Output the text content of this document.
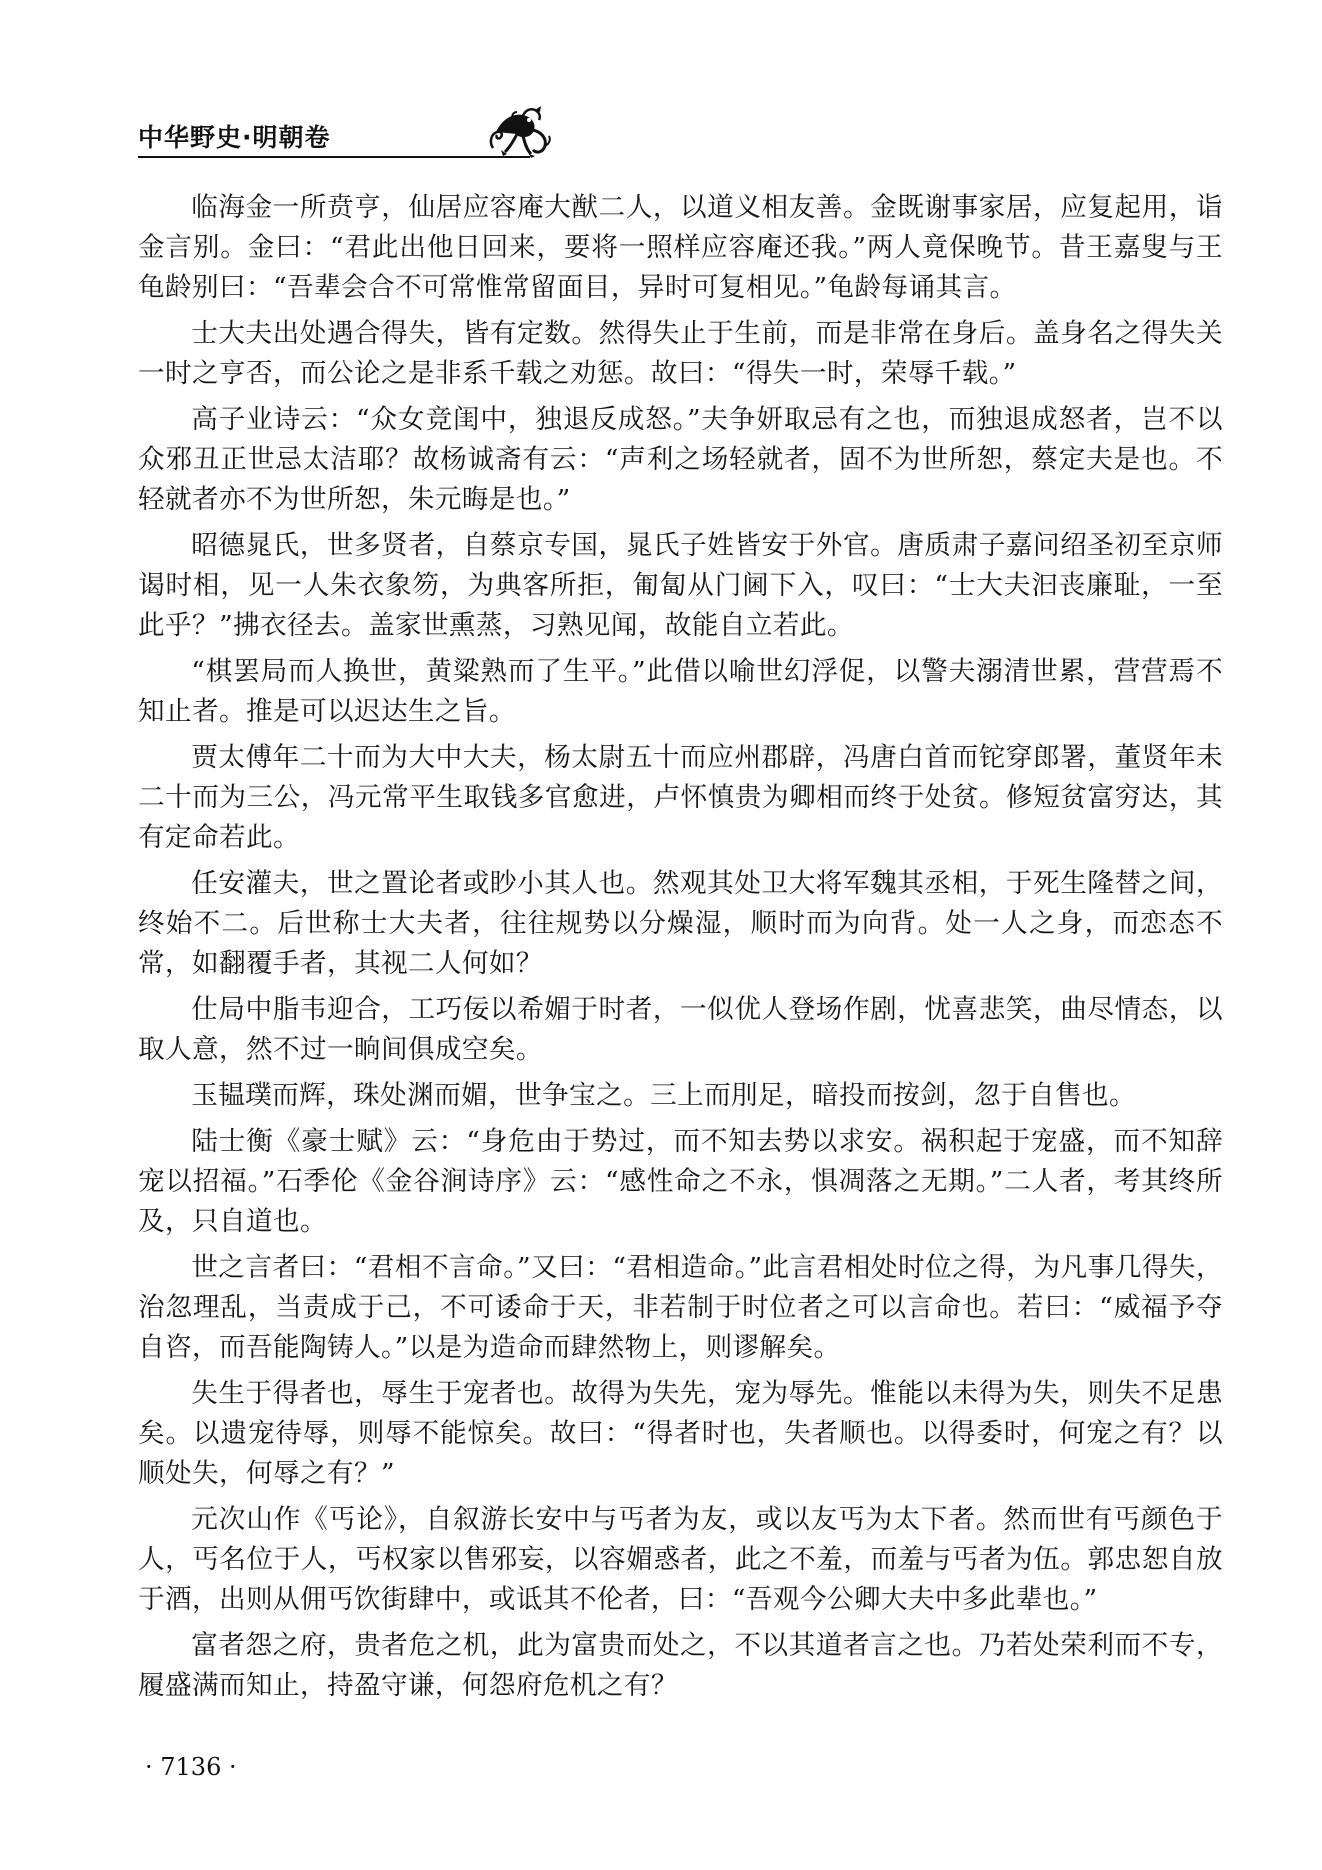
中华野史·明朝卷

临海金一所贲亨，仙居应容庵大猷二人，以道义相友善。金既谢事家居，应复起用，诣金言别。金曰：“君此出他日回来，要将一照样应容庵还我。”两人竟保晚节。昔王嘉叟与王龟龄别曰：“吾辈会合不可常惟常留面目，异时可复相见。”龟龄每诵其言。

士大夫出处遇合得失，皆有定数。然得失止于生前，而是非常在身后。盖身名之得失关一时之亨否，而公论之是非系千载之劝惩。故曰：“得失一时，荣辱千载。”

高子业诗云：“众女竞闺中，独退反成怒。”夫争妍取忌有之也，而独退成怒者，岂不以众邪丑正世忌太洁耶？故杨诚斋有云：“声利之场轻就者，固不为世所恕，蔡定夫是也。不轻就者亦不为世所恕，朱元晦是也。”

昭德晁氏，世多贤者，自蔡京专国，晁氏子姓皆安于外官。唐质肃子嘉问绍圣初至京师谒时相，见一人朱衣象笏，为典客所拒，匍匐从门阃下入，叹曰：“士大夫汩丧廉耻，一至此乎？”拂衣径去。盖家世熏蒸，习熟见闻，故能自立若此。

“棋罢局而人换世，黄粱熟而了生平。”此借以喻世幻浮促，以警夫溺清世累，营营焉不知止者。推是可以迟达生之旨。

贾太傅年二十而为大中大夫，杨太尉五十而应州郡辟，冯唐白首而铊穿郎署，董贤年未二十而为三公，冯元常平生取钱多官愈进，卢怀慎贵为卿相而终于处贫。修短贫富穷达，其有定命若此。

任安灌夫，世之置论者或眇小其人也。然观其处卫大将军魏其丞相，于死生隆替之间，终始不二。后世称士大夫者，往往规势以分燥湿，顺时而为向背。处一人之身，而恋态不常，如翻覆手者，其视二人何如？

仕局中脂韦迎合，工巧佞以希媚于时者，一似优人登场作剧，忧喜悲笑，曲尽情态，以取人意，然不过一晌间俱成空矣。

玉韫璞而辉，珠处渊而媚，世争宝之。三上而刖足，暗投而按剑，忽于自售也。

陆士衡《豪士赋》云：“身危由于势过，而不知去势以求安。祸积起于宠盛，而不知辞宠以招福。”石季伦《金谷涧诗序》云：“感性命之不永，惧凋落之无期。”二人者，考其终所及，只自道也。

世之言者曰：“君相不言命。”又曰：“君相造命。”此言君相处时位之得，为凡事几得失，治忽理乱，当责成于己，不可诿命于天，非若制于时位者之可以言命也。若曰：“威福予夺自咨，而吾能陶铸人。”以是为造命而肆然物上，则谬解矣。

失生于得者也，辱生于宠者也。故得为失先，宠为辱先。惟能以未得为失，则失不足患矣。以遗宠待辱，则辱不能惊矣。故曰：“得者时也，失者顺也。以得委时，何宠之有？以顺处失，何辱之有？”

元次山作《丐论》，自叙游长安中与丐者为友，或以友丐为太下者。然而世有丐颜色于人，丐名位于人，丐权家以售邪妄，以容媚惑者，此之不羞，而羞与丐者为伍。郭忠恕自放于酒，出则从佣丐饮街肆中，或诋其不伦者，曰：“吾观今公卿大夫中多此辈也。”

富者怨之府，贵者危之机，此为富贵而处之，不以其道者言之也。乃若处荣利而不专，履盛满而知止，持盈守谦，何怨府危机之有？

· 7136 ·
